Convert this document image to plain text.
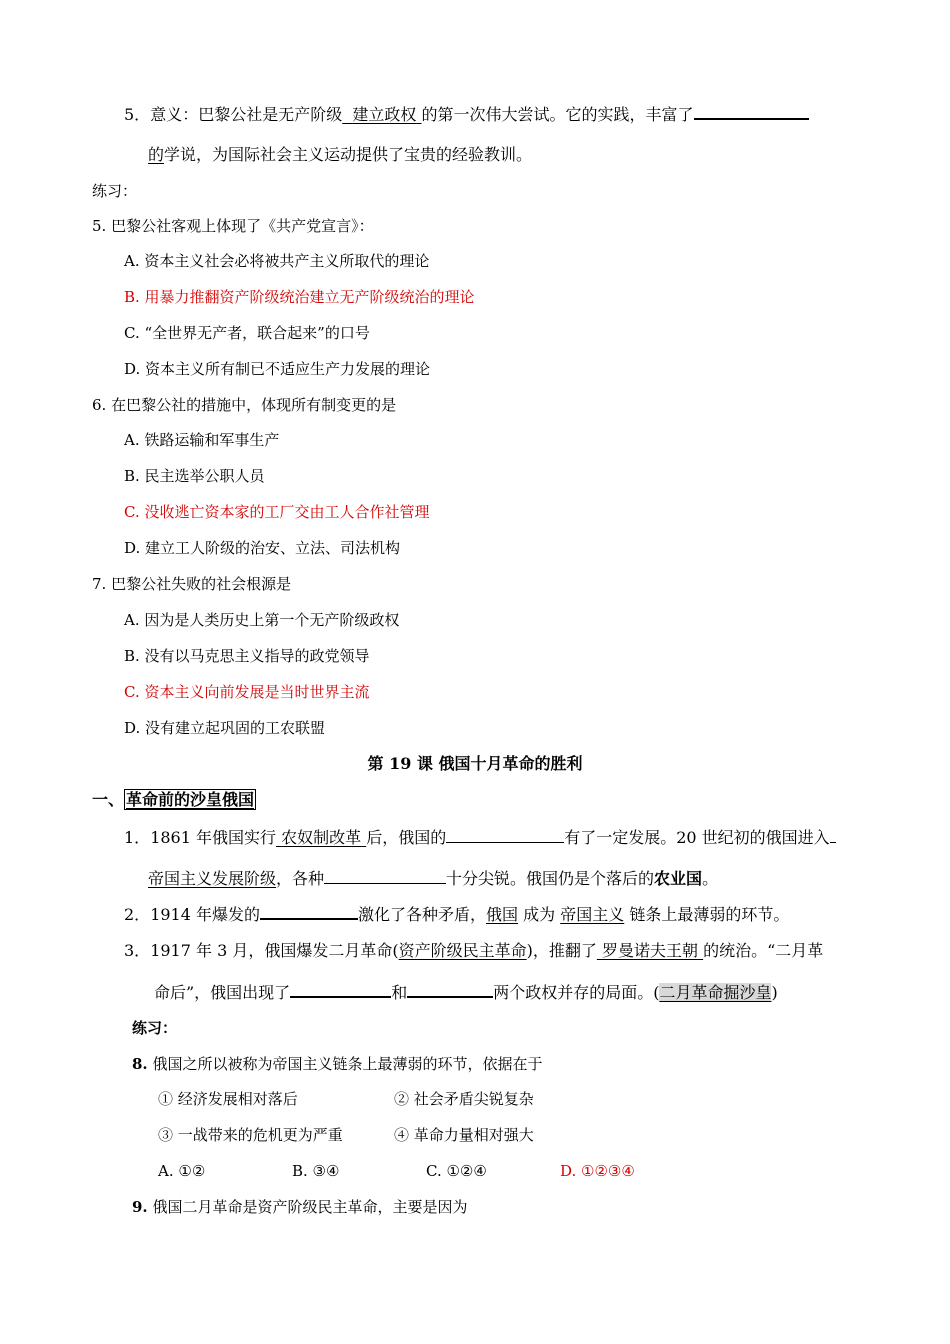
5．意义：巴黎公社是无产阶级 建立政权 的第一次伟大尝试。它的实践，丰富了
的学说，为国际社会主义运动提供了宝贵的经验教训。
练习：
5. 巴黎公社客观上体现了《共产党宣言》：
A. 资本主义社会必将被共产主义所取代的理论
B. 用暴力推翻资产阶级统治建立无产阶级统治的理论
C. “全世界无产者，联合起来”的口号
D. 资本主义所有制已不适应生产力发展的理论
6. 在巴黎公社的措施中，体现所有制变更的是
A. 铁路运输和军事生产
B. 民主选举公职人员
C. 没收逃亡资本家的工厂交由工人合作社管理
D. 建立工人阶级的治安、立法、司法机构
7. 巴黎公社失败的社会根源是
A. 因为是人类历史上第一个无产阶级政权
B. 没有以马克思主义指导的政党领导
C. 资本主义向前发展是当时世界主流
D. 没有建立起巩固的工农联盟
第 19 课 俄国十月革命的胜利
一、 革命前的沙皇俄国
1．1861 年俄国实行 农奴制改革 后，俄国的	有了一定发展。20 世纪初的俄国进入
帝国主义发展阶级，各种	十分尖锐。俄国仍是个落后的农业国。
2．1914 年爆发的	激化了各种矛盾，俄国 成为 帝国主义 链条上最薄弱的环节。
3．1917 年 3 月，俄国爆发二月革命(资产阶级民主革命)，推翻了 罗曼诺夫王朝 的统治。“二月革
命后”，俄国出现了	和	两个政权并存的局面。(二月革命掘沙皇)
练习：
8. 俄国之所以被称为帝国主义链条上最薄弱的环节，依据在于
① 经济发展相对落后	② 社会矛盾尖锐复杂
③ 一战带来的危机更为严重	④ 革命力量相对强大
A. ①②	B. ③④	C. ①②④	D. ①②③④
9. 俄国二月革命是资产阶级民主革命，主要是因为
